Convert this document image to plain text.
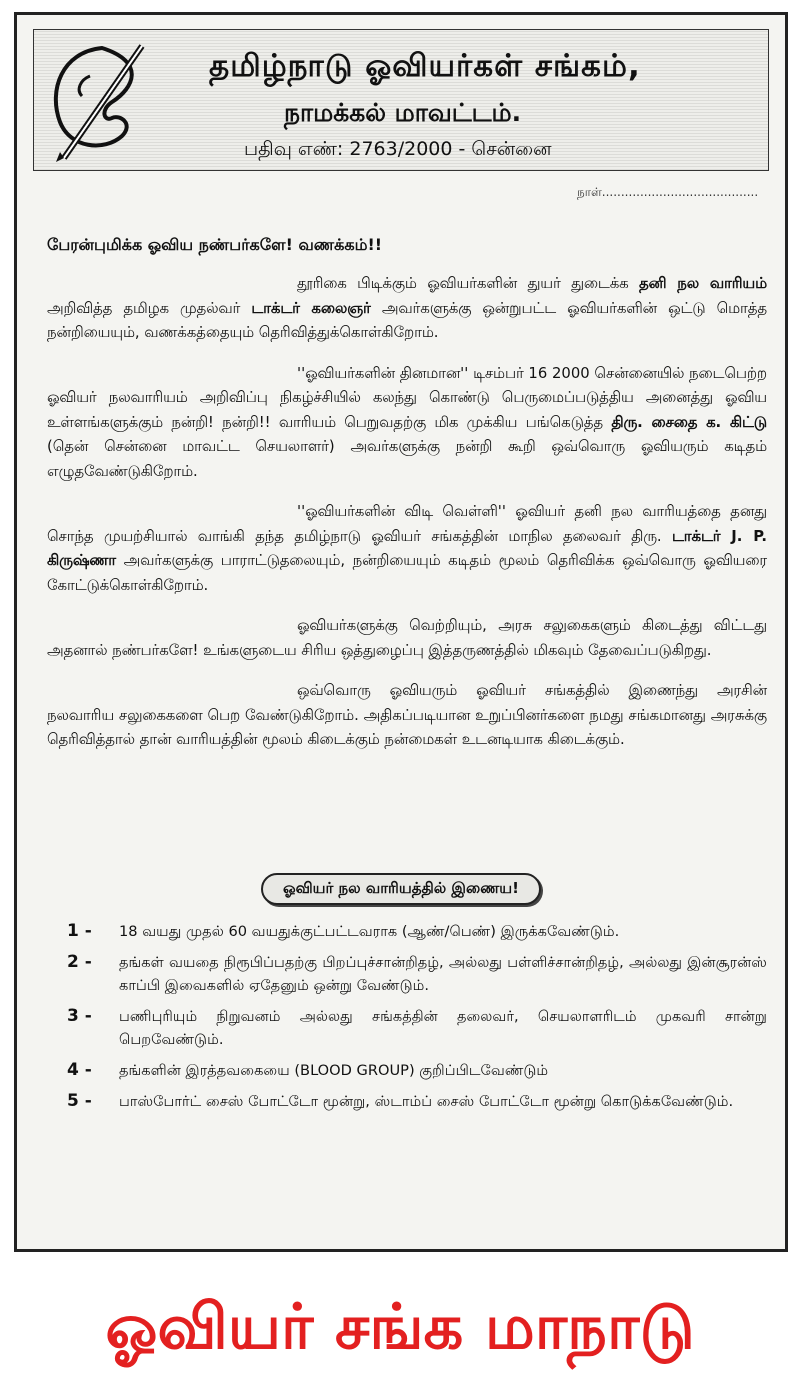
தமிழ்நாடு ஓவியர்கள் சங்கம்,
நாமக்கல் மாவட்டம்.
பதிவு எண்: 2763/2000 - சென்னை
நாள்.........................................
பேரன்புமிக்க ஓவிய நண்பர்களே! வணக்கம்!!

தூரிகை பிடிக்கும் ஓவியர்களின் துயர் துடைக்க தனி நல வாரியம் அறிவித்த தமிழக முதல்வர் டாக்டர் கலைஞர் அவர்களுக்கு ஒன்றுபட்ட ஓவியர்களின் ஒட்டு மொத்த நன்றியையும், வணக்கத்தையும் தெரிவித்துக்கொள்கிறோம்.

''ஓவியர்களின் தினமான'' டிசம்பர் 16 2000 சென்னையில் நடைபெற்ற ஓவியர் நலவாரியம் அறிவிப்பு நிகழ்ச்சியில் கலந்து கொண்டு பெருமைப்படுத்திய அனைத்து ஓவிய உள்ளங்களுக்கும் நன்றி! நன்றி!! வாரியம் பெறுவதற்கு மிக முக்கிய பங்கெடுத்த திரு. சைதை க. கிட்டு (தென் சென்னை மாவட்ட செயலாளர்) அவர்களுக்கு நன்றி கூறி ஒவ்வொரு ஓவியரும் கடிதம் எழுதவேண்டுகிறோம்.

''ஓவியர்களின் விடி வெள்ளி'' ஓவியர் தனி நல வாரியத்தை தனது சொந்த முயற்சியால் வாங்கி தந்த தமிழ்நாடு ஓவியர் சங்கத்தின் மாநில தலைவர் திரு. டாக்டர் J. P. கிருஷ்ணா அவர்களுக்கு பாராட்டுதலையும், நன்றியையும் கடிதம் மூலம் தெரிவிக்க ஒவ்வொரு ஓவியரை கோட்டுக்கொள்கிறோம்.

ஓவியர்களுக்கு வெற்றியும், அரசு சலுகைகளும் கிடைத்து விட்டது அதனால் நண்பர்களே! உங்களுடைய சிரிய ஒத்துழைப்பு இத்தருணத்தில் மிகவும் தேவைப்படுகிறது.

ஒவ்வொரு ஓவியரும் ஓவியர் சங்கத்தில் இணைந்து அரசின் நலவாரிய சலுகைகளை பெற வேண்டுகிறோம். அதிகப்படியான உறுப்பினர்களை நமது சங்கமானது அரசுக்கு தெரிவித்தால் தான் வாரியத்தின் மூலம் கிடைக்கும் நன்மைகள் உடனடியாக கிடைக்கும்.

ஓவியர் நல வாரியத்தில் இணைய!
1 -	18 வயது முதல் 60 வயதுக்குட்பட்டவராக (ஆண்/பெண்) இருக்கவேண்டும்.
2 -	தங்கள் வயதை நிரூபிப்பதற்கு பிறப்புச்சான்றிதழ், அல்லது பள்ளிச்சான்றிதழ், அல்லது இன்சூரன்ஸ் காப்பி இவைகளில் ஏதேனும் ஒன்று வேண்டும்.
3 -	பணிபுரியும் நிறுவனம் அல்லது சங்கத்தின் தலைவர், செயலாளரிடம் முகவரி சான்று பெறவேண்டும்.
4 -	தங்களின் இரத்தவகையை (BLOOD GROUP) குறிப்பிடவேண்டும்
5 -	பாஸ்போர்ட் சைஸ் போட்டோ மூன்று, ஸ்டாம்ப் சைஸ் போட்டோ மூன்று கொடுக்கவேண்டும்.
ஓவியர் சங்க மாநாடு
